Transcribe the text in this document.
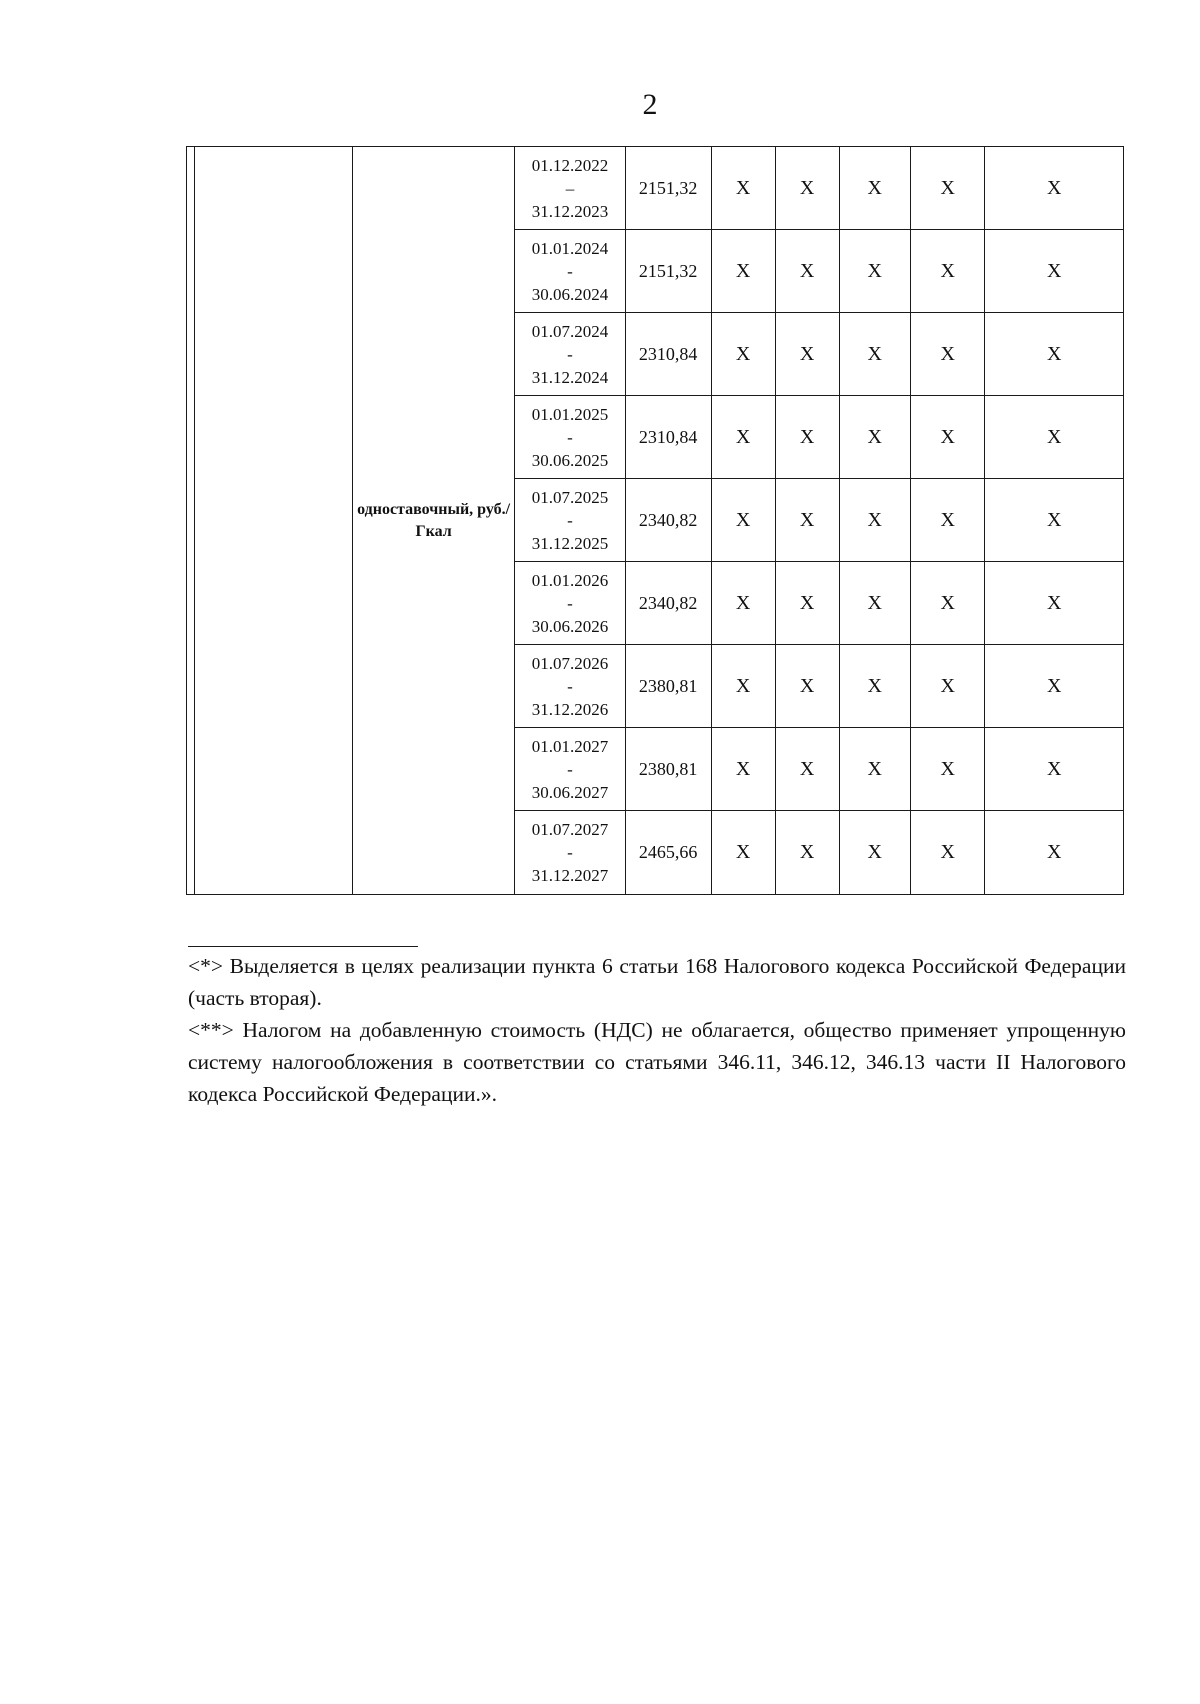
2
		одноставочный, руб./Гкал	01.12.2022
–
31.12.2023	2151,32	X	X	X	X	X

			01.01.2024
-
30.06.2024	2151,32	X	X	X	X	X

			01.07.2024
-
31.12.2024	2310,84	X	X	X	X	X

			01.01.2025
-
30.06.2025	2310,84	X	X	X	X	X

			01.07.2025
-
31.12.2025	2340,82	X	X	X	X	X

			01.01.2026
-
30.06.2026	2340,82	X	X	X	X	X

			01.07.2026
-
31.12.2026	2380,81	X	X	X	X	X

			01.01.2027
-
30.06.2027	2380,81	X	X	X	X	X

			01.07.2027
-
31.12.2027	2465,66	X	X	X	X	X

<*> Выделяется в целях реализации пункта 6 статьи 168 Налогового кодекса Российской Федерации (часть вторая).

<**> Налогом на добавленную стоимость (НДС) не облагается, общество применяет упрощенную систему налогообложения в соответствии со статьями 346.11, 346.12, 346.13 части II Налогового кодекса Российской Федерации.».
